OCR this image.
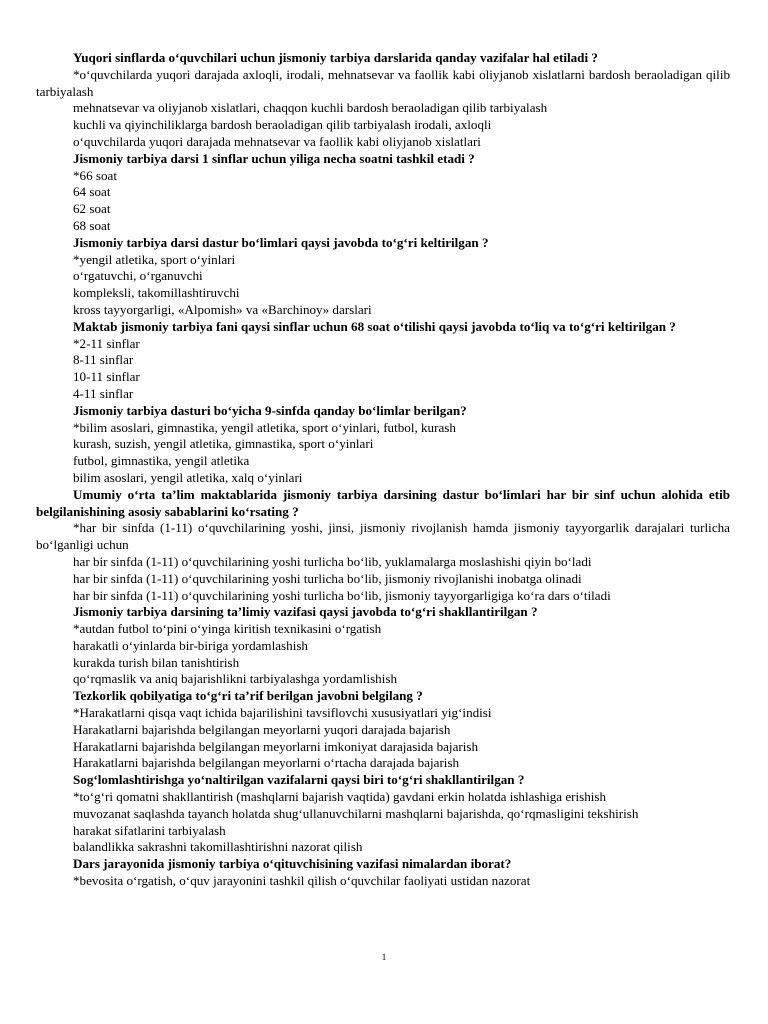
Yuqori sinflarda o‘quvchilari uchun jismoniy tarbiya darslarida qanday vazifalar hal etiladi ?

*o‘quvchilarda yuqori darajada axloqli, irodali, mehnatsevar va faollik kabi oliyjanob xislatlarni bardosh beraoladigan qilib tarbiyalash

mehnatsevar va oliyjanob xislatlari, chaqqon kuchli bardosh beraoladigan qilib tarbiyalash

kuchli va qiyinchiliklarga bardosh beraoladigan qilib tarbiyalash irodali, axloqli

o‘quvchilarda yuqori darajada mehnatsevar va faollik kabi oliyjanob xislatlari

Jismoniy tarbiya darsi 1 sinflar uchun yiliga necha soatni tashkil etadi ?

*66 soat

64 soat

62 soat

68 soat

Jismoniy tarbiya darsi dastur bo‘limlari qaysi javobda to‘g‘ri keltirilgan ?

*yengil atletika, sport o‘yinlari

o‘rgatuvchi, o‘rganuvchi

kompleksli, takomillashtiruvchi

kross tayyorgarligi, «Alpomish» va «Barchinoy» darslari

Maktab jismoniy tarbiya fani qaysi sinflar uchun 68 soat o‘tilishi qaysi javobda to‘liq va to‘g‘ri keltirilgan ?

*2-11 sinflar

8-11 sinflar

10-11 sinflar

4-11 sinflar

Jismoniy tarbiya dasturi bo‘yicha 9-sinfda qanday bo‘limlar berilgan?

*bilim asoslari, gimnastika, yengil atletika, sport o‘yinlari, futbol, kurash

kurash, suzish, yengil atletika, gimnastika, sport o‘yinlari

futbol, gimnastika, yengil atletika

bilim asoslari, yengil atletika, xalq o‘yinlari

Umumiy o‘rta ta’lim maktablarida jismoniy tarbiya darsining dastur bo‘limlari har bir sinf uchun alohida etib belgilanishining asosiy sabablarini ko‘rsating ?

*har bir sinfda (1-11) o‘quvchilarining yoshi, jinsi, jismoniy rivojlanish hamda jismoniy tayyorgarlik darajalari turlicha bo‘lganligi uchun

har bir sinfda (1-11) o‘quvchilarining yoshi turlicha bo‘lib, yuklamalarga moslashishi qiyin bo‘ladi

har bir sinfda (1-11) o‘quvchilarining yoshi turlicha bo‘lib, jismoniy rivojlanishi inobatga olinadi

har bir sinfda (1-11) o‘quvchilarining yoshi turlicha bo‘lib, jismoniy tayyorgarligiga ko‘ra dars o‘tiladi

Jismoniy tarbiya darsining ta’limiy vazifasi qaysi javobda to‘g‘ri shakllantirilgan ?

*autdan futbol to‘pini o‘yinga kiritish texnikasini o‘rgatish

harakatli o‘yinlarda bir-biriga yordamlashish

kurakda turish bilan tanishtirish

qo‘rqmaslik va aniq bajarishlikni tarbiyalashga yordamlishish

Tezkorlik qobilyatiga to‘g‘ri ta’rif berilgan javobni belgilang ?

*Harakatlarni qisqa vaqt ichida bajarilishini tavsiflovchi xususiyatlari yig‘indisi

Harakatlarni bajarishda belgilangan meyorlarni yuqori darajada bajarish

Harakatlarni bajarishda belgilangan meyorlarni imkoniyat darajasida bajarish

Harakatlarni bajarishda belgilangan meyorlarni o‘rtacha darajada bajarish

Sog‘lomlashtirishga yo‘naltirilgan vazifalarni qaysi biri to‘g‘ri shakllantirilgan ?

*to‘g‘ri qomatni shakllantirish (mashqlarni bajarish vaqtida) gavdani erkin holatda ishlashiga erishish

muvozanat saqlashda tayanch holatda shug‘ullanuvchilarni mashqlarni bajarishda, qo‘rqmasligini tekshirish

harakat sifatlarini tarbiyalash

balandlikka sakrashni takomillashtirishni nazorat qilish

Dars jarayonida jismoniy tarbiya o‘qituvchisining vazifasi nimalardan iborat?

*bevosita o‘rgatish, o‘quv jarayonini tashkil qilish o‘quvchilar faoliyati ustidan nazorat

1
